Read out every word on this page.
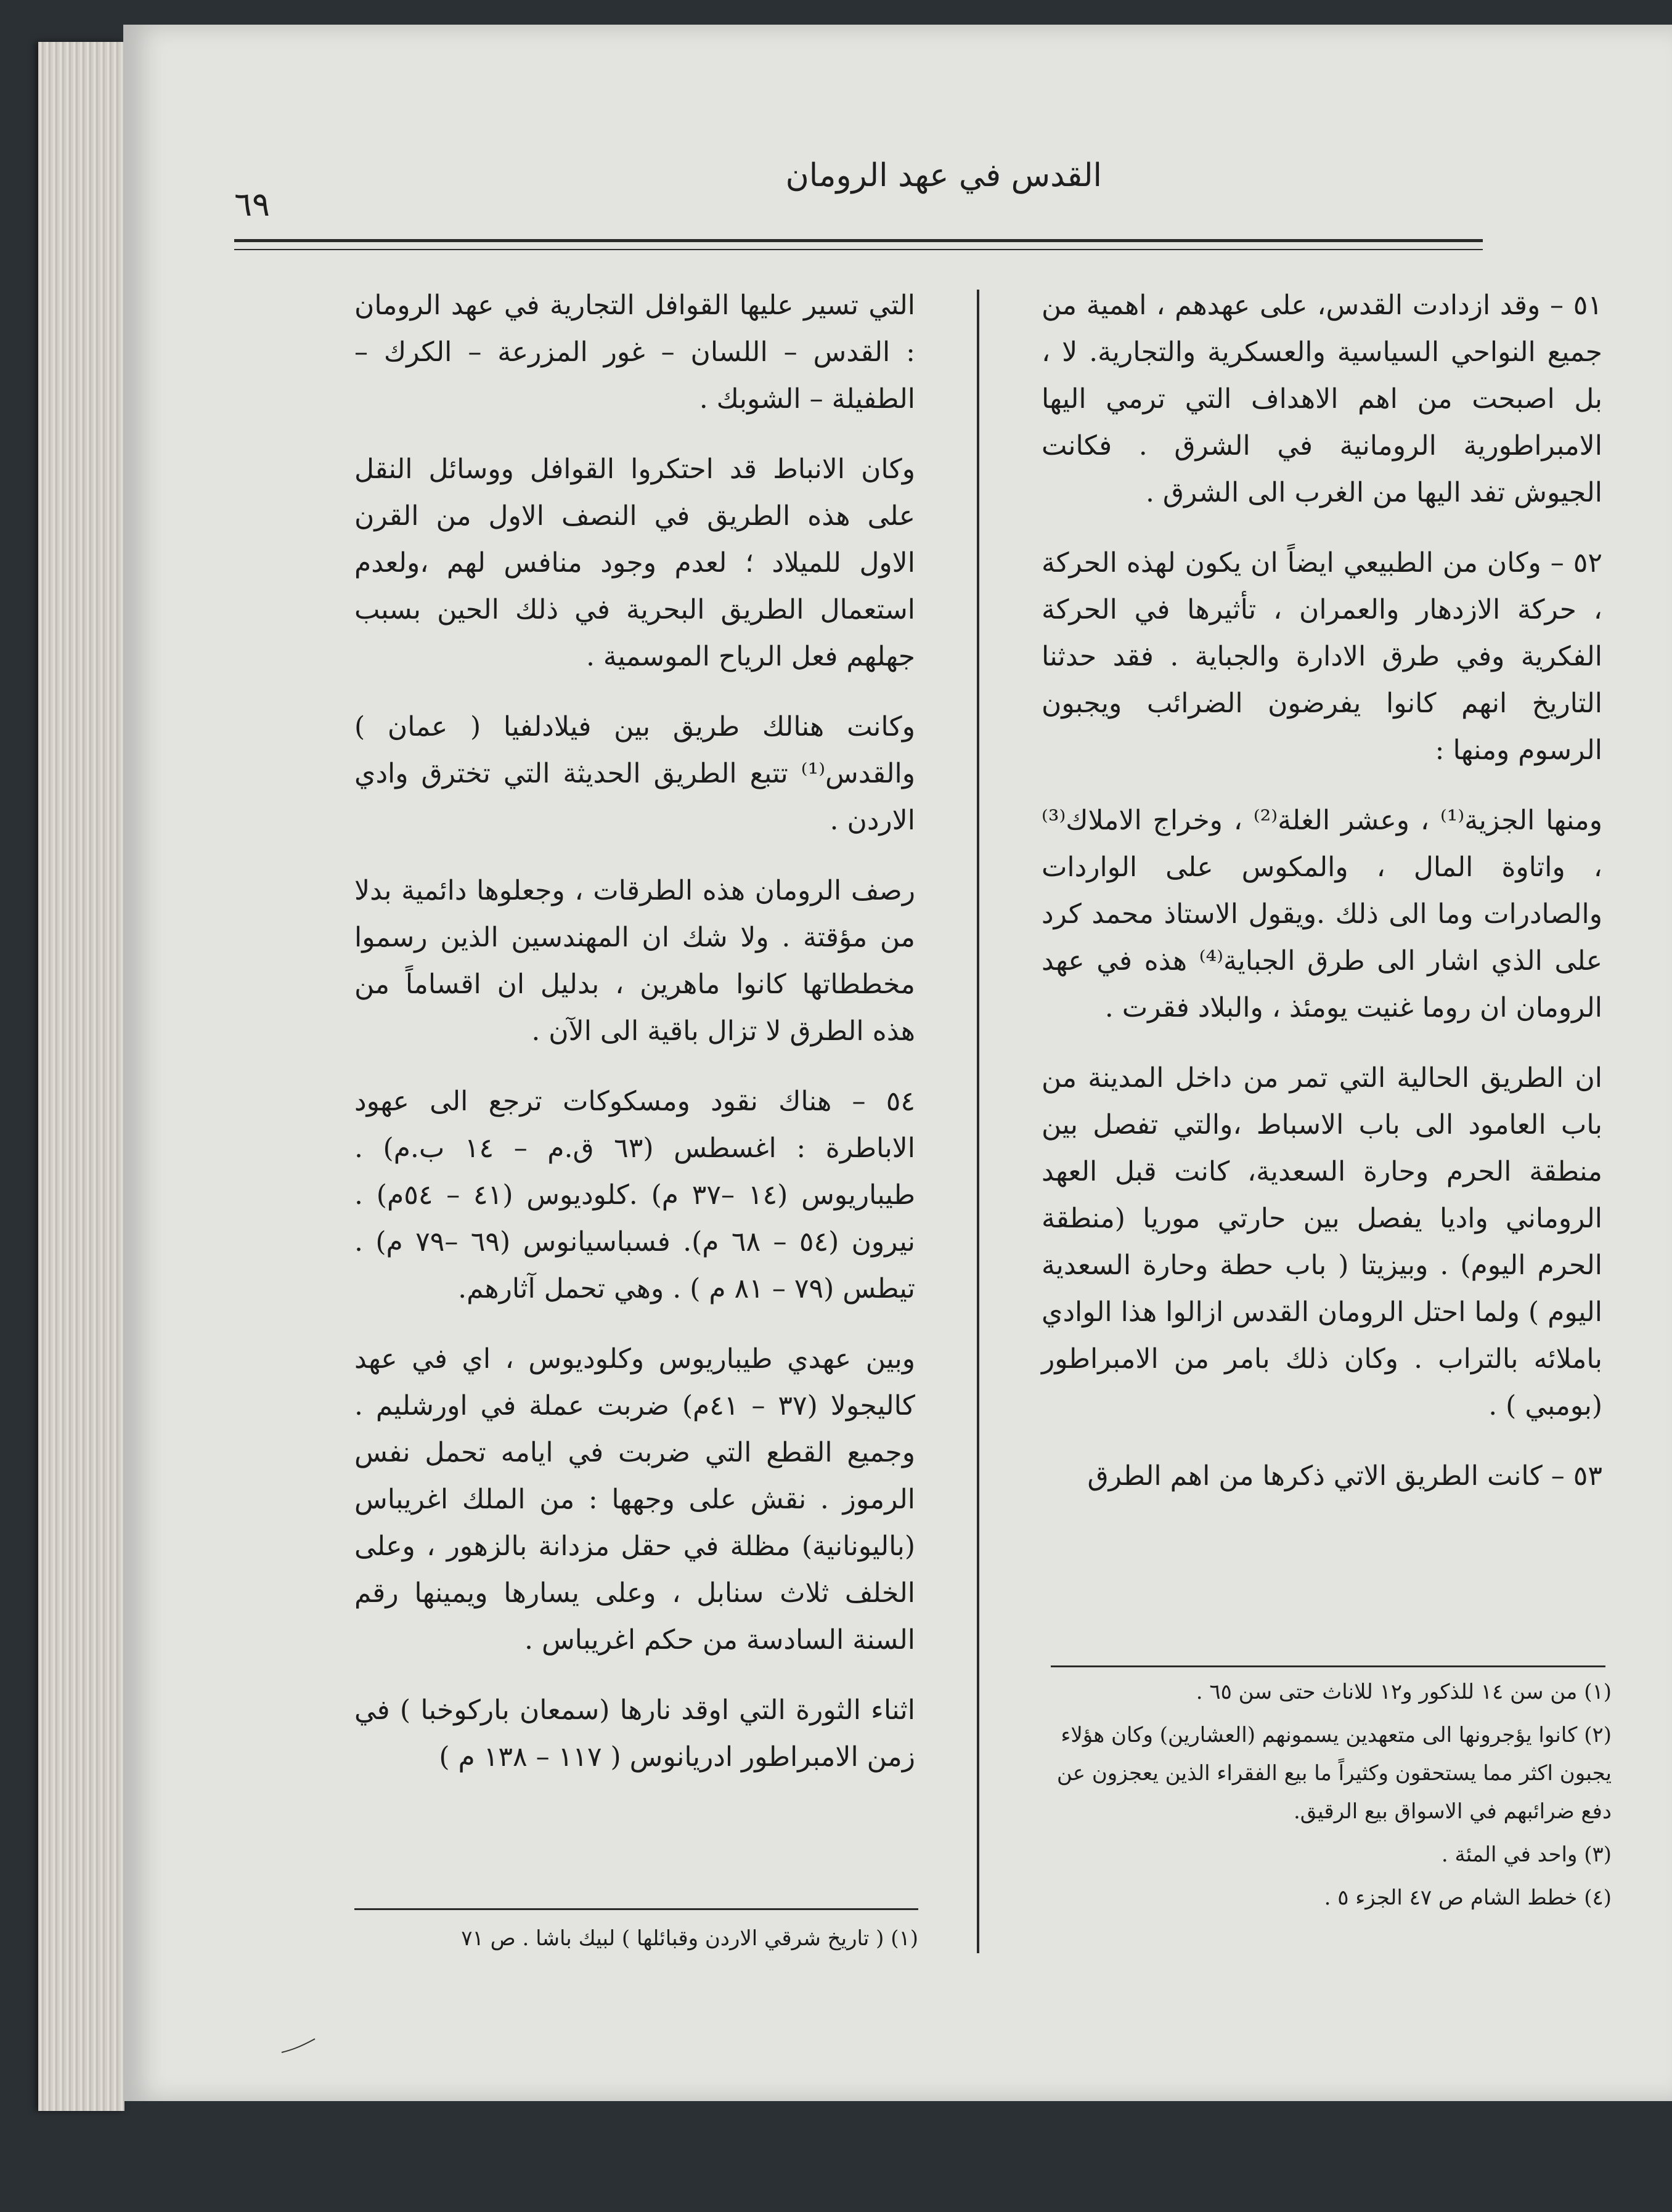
القدس في عهد الرومان
٦٩

٥١ – وقد ازدادت القدس، على عهدهم ، اهمية من جميع النواحي السياسية والعسكرية والتجارية. لا ، بل اصبحت من اهم الاهداف التي ترمي اليها الامبراطورية الرومانية في الشرق . فكانت الجيوش تفد اليها من الغرب الى الشرق .

٥٢ – وكان من الطبيعي ايضاً ان يكون لهذه الحركة ، حركة الازدهار والعمران ، تأثيرها في الحركة الفكرية وفي طرق الادارة والجباية . فقد حدثنا التاريخ انهم كانوا يفرضون الضرائب ويجبون الرسوم ومنها :

ومنها الجزية⁽¹⁾ ، وعشر الغلة⁽²⁾ ، وخراج الاملاك⁽³⁾ ، واتاوة المال ، والمكوس على الواردات والصادرات وما الى ذلك .ويقول الاستاذ محمد كرد على الذي اشار الى طرق الجباية⁽⁴⁾ هذه في عهد الرومان ان روما غنيت يومئذ ، والبلاد فقرت .

ان الطريق الحالية التي تمر من داخل المدينة من باب العامود الى باب الاسباط ،والتي تفصل بين منطقة الحرم وحارة السعدية، كانت قبل العهد الروماني واديا يفصل بين حارتي موريا (منطقة الحرم اليوم) . وبيزيتا ( باب حطة وحارة السعدية اليوم ) ولما احتل الرومان القدس ازالوا هذا الوادي باملائه بالتراب . وكان ذلك بامر من الامبراطور (بومبي ) .

٥٣ – كانت الطريق الاتي ذكرها من اهم الطرق

التي تسير عليها القوافل التجارية في عهد الرومان : القدس – اللسان – غور المزرعة – الكرك – الطفيلة – الشوبك .

وكان الانباط قد احتكروا القوافل ووسائل النقل على هذه الطريق في النصف الاول من القرن الاول للميلاد ؛ لعدم وجود منافس لهم ،ولعدم استعمال الطريق البحرية في ذلك الحين بسبب جهلهم فعل الرياح الموسمية .

وكانت هنالك طريق بين فيلادلفيا ( عمان ) والقدس⁽¹⁾ تتبع الطريق الحديثة التي تخترق وادي الاردن .

رصف الرومان هذه الطرقات ، وجعلوها دائمية بدلا من مؤقتة . ولا شك ان المهندسين الذين رسموا مخططاتها كانوا ماهرين ، بدليل ان اقساماً من هذه الطرق لا تزال باقية الى الآن .

٥٤ – هناك نقود ومسكوكات ترجع الى عهود الاباطرة : اغسطس (٦٣ ق.م – ١٤ ب.م) . طيباريوس (١٤ –٣٧ م) .كلوديوس (٤١ – ٥٤م) . نيرون (٥٤ – ٦٨ م). فسباسيانوس (٦٩ –٧٩ م) . تيطس (٧٩ – ٨١ م ) . وهي تحمل آثارهم.

وبين عهدي طيباريوس وكلوديوس ، اي في عهد كاليجولا (٣٧ – ٤١م) ضربت عملة في اورشليم . وجميع القطع التي ضربت في ايامه تحمل نفس الرموز . نقش على وجهها : من الملك اغريباس (باليونانية) مظلة في حقل مزدانة بالزهور ، وعلى الخلف ثلاث سنابل ، وعلى يسارها ويمينها رقم السنة السادسة من حكم اغريباس .

اثناء الثورة التي اوقد نارها (سمعان باركوخبا ) في زمن الامبراطور ادريانوس ( ١١٧ – ١٣٨ م )

(١) من سن ١٤ للذكور و١٢ للاناث حتى سن ٦٥ .
(٢) كانوا يؤجرونها الى متعهدين يسمونهم (العشارين) وكان هؤلاء يجبون اكثر مما يستحقون وكثيراً ما بيع الفقراء الذين يعجزون عن دفع ضرائبهم في الاسواق بيع الرقيق.
(٣) واحد في المئة .
(٤) خطط الشام ص ٤٧ الجزء ٥ .
(١) ( تاريخ شرقي الاردن وقبائلها ) لبيك باشا . ص ٧١
